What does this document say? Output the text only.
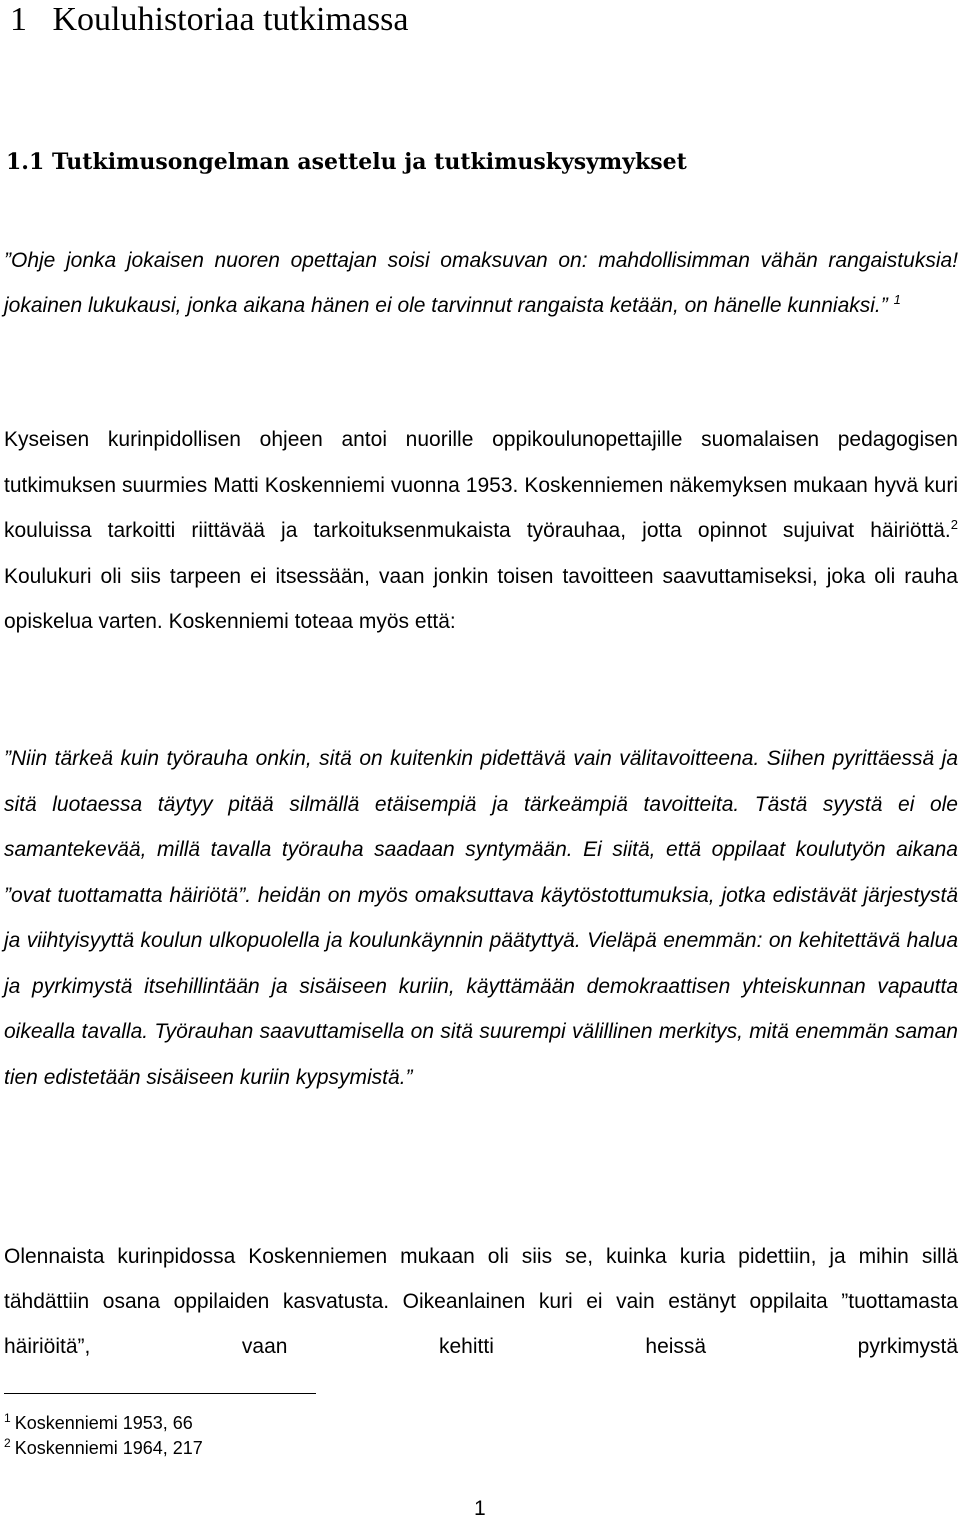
1 Kouluhistoriaa tutkimassa
1.1 Tutkimusongelman asettelu ja tutkimuskysymykset

”Ohje jonka jokaisen nuoren opettajan soisi omaksuvan on: mahdollisimman vähän rangaistuksia! jokainen lukukausi, jonka aikana hänen ei ole tarvinnut rangaista ketään, on hänelle kunniaksi.” $^1$

Kyseisen kurinpidollisen ohjeen antoi nuorille oppikoulunopettajille suomalaisen pedagogisen tutkimuksen suurmies Matti Koskenniemi vuonna 1953. Koskenniemen näkemyksen mukaan hyvä kuri kouluissa tarkoitti riittävää ja tarkoituksenmukaista työrauhaa, jotta opinnot sujuivat häiriöttä.$^2$ Koulukuri oli siis tarpeen ei itsessään, vaan jonkin toisen tavoitteen saavuttamiseksi, joka oli rauha opiskelua varten. Koskenniemi toteaa myös että:

”Niin tärkeä kuin työrauha onkin, sitä on kuitenkin pidettävä vain välitavoitteena. Siihen pyrittäessä ja sitä luotaessa täytyy pitää silmällä etäisempiä ja tärkeämpiä tavoitteita. Tästä syystä ei ole samantekevää, millä tavalla työrauha saadaan syntymään. Ei siitä, että oppilaat koulutyön aikana ”ovat tuottamatta häiriötä”. heidän on myös omaksuttava käytöstottumuksia, jotka edistävät järjestystä ja viihtyisyyttä koulun ulkopuolella ja koulunkäynnin päätyttyä. Vieläpä enemmän: on kehitettävä halua ja pyrkimystä itsehillintään ja sisäiseen kuriin, käyttämään demokraattisen yhteiskunnan vapautta oikealla tavalla. Työrauhan saavuttamisella on sitä suurempi välillinen merkitys, mitä enemmän saman tien edistetään sisäiseen kuriin kypsymistä.”

Olennaista kurinpidossa Koskenniemen mukaan oli siis se, kuinka kuria pidettiin, ja mihin sillä tähdättiin osana oppilaiden kasvatusta. Oikeanlainen kuri ei vain estänyt oppilaita ”tuottamasta häiriöitä”, vaan kehitti heissä pyrkimystä

$^1$ Koskenniemi 1953, 66
$^2$ Koskenniemi 1964, 217
1
